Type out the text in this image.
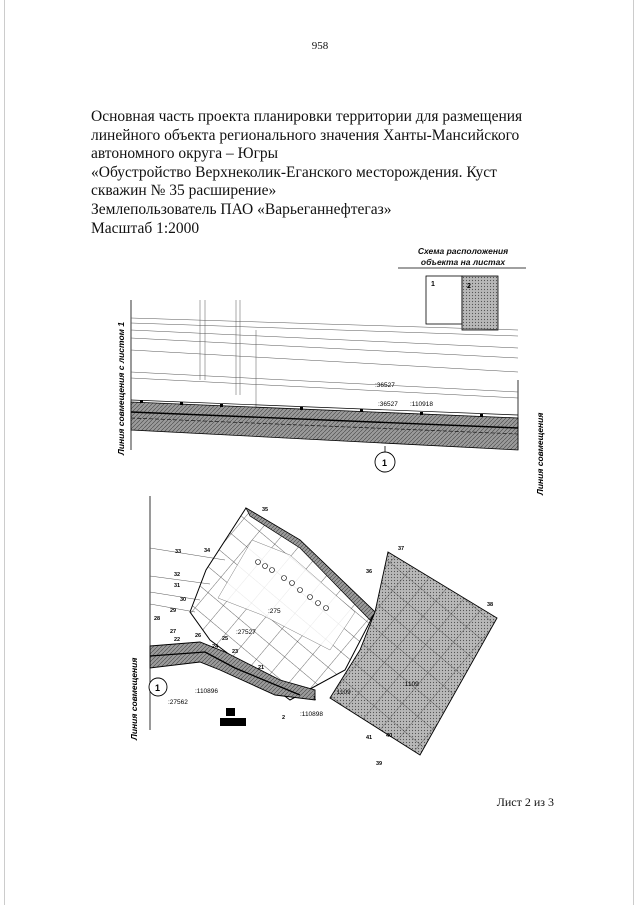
958
Основная часть проекта планировки территории для размещения
линейного объекта регионального значения Ханты-Мансийского
автономного округа – Югры
«Обустройство Верхнеколик-Еганского месторождения. Куст
скважин № 35 расширение»
Землепользователь ПАО «Варьеганнефтегаз»
Масштаб 1:2000
Схема расположения
объекта на листах
1	2
:36527
:36527 :110918
1
Линия совмещения с листом 1	Линия совмещения
35
37
36
38
33	34
32
31
30
29
28
27
26	25
24
23
22
21
1
2
39
40
41
:27562
:27527
:110896
:110898
:1109
:1109
:275
1
Линия совмещения
Лист 2 из 3
